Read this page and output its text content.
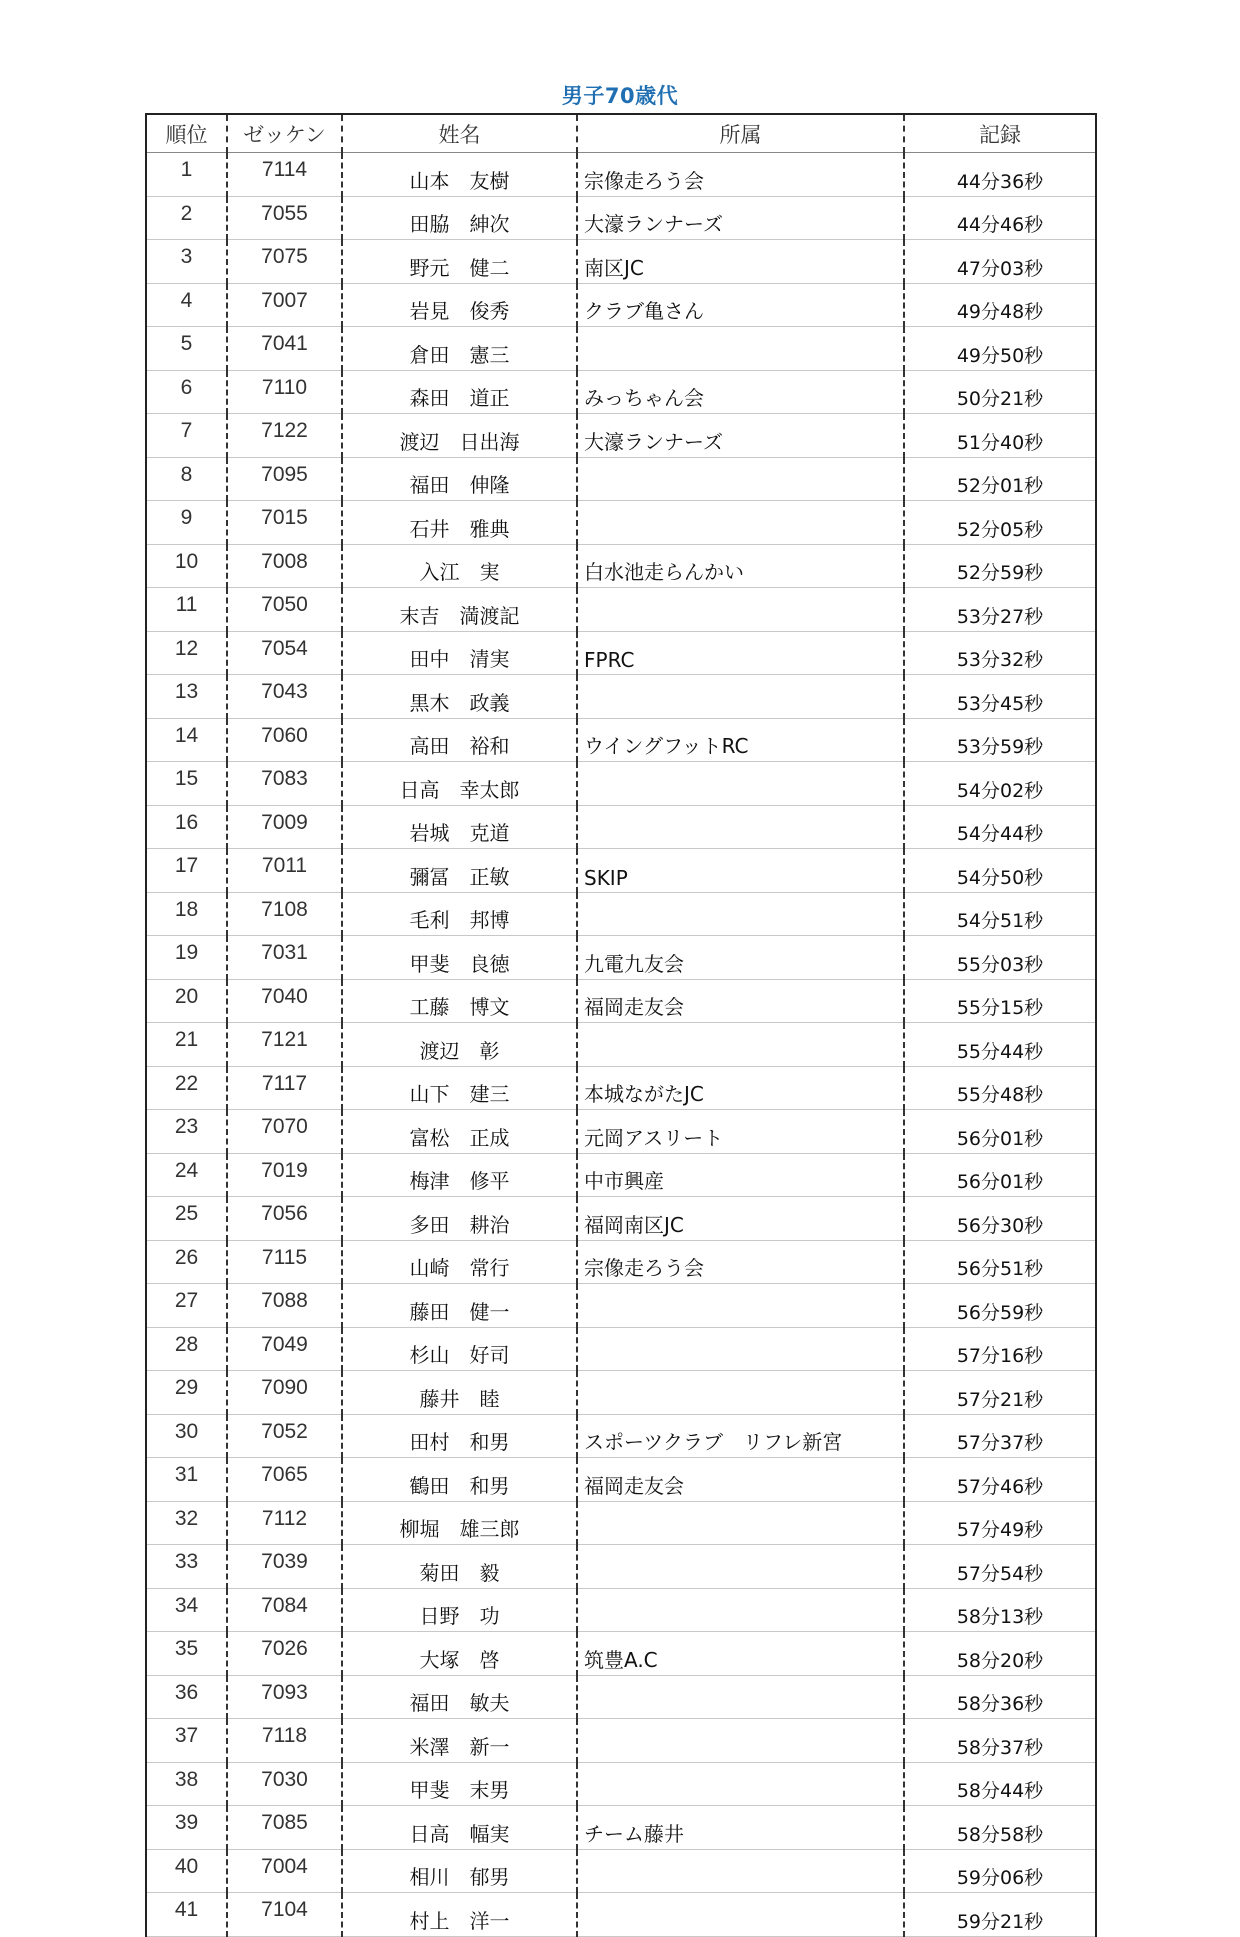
男子70歳代
順位	ゼッケン	姓名	所属	記録
1	7114	山本　友樹	宗像走ろう会	44分36秒
2	7055	田脇　紳次	大濠ランナーズ	44分46秒
3	7075	野元　健二	南区JC	47分03秒
4	7007	岩見　俊秀	クラブ亀さん	49分48秒
5	7041	倉田　憲三		49分50秒
6	7110	森田　道正	みっちゃん会	50分21秒
7	7122	渡辺　日出海	大濠ランナーズ	51分40秒
8	7095	福田　伸隆		52分01秒
9	7015	石井　雅典		52分05秒
10	7008	入江　実	白水池走らんかい	52分59秒
11	7050	末吉　満渡記		53分27秒
12	7054	田中　清実	FPRC	53分32秒
13	7043	黒木　政義		53分45秒
14	7060	高田　裕和	ウイングフットRC	53分59秒
15	7083	日高　幸太郎		54分02秒
16	7009	岩城　克道		54分44秒
17	7011	彌冨　正敏	SKIP	54分50秒
18	7108	毛利　邦博		54分51秒
19	7031	甲斐　良徳	九電九友会	55分03秒
20	7040	工藤　博文	福岡走友会	55分15秒
21	7121	渡辺　彰		55分44秒
22	7117	山下　建三	本城ながたJC	55分48秒
23	7070	富松　正成	元岡アスリート	56分01秒
24	7019	梅津　修平	中市興産	56分01秒
25	7056	多田　耕治	福岡南区JC	56分30秒
26	7115	山崎　常行	宗像走ろう会	56分51秒
27	7088	藤田　健一		56分59秒
28	7049	杉山　好司		57分16秒
29	7090	藤井　睦		57分21秒
30	7052	田村　和男	スポーツクラブ　リフレ新宮	57分37秒
31	7065	鶴田　和男	福岡走友会	57分46秒
32	7112	柳堀　雄三郎		57分49秒
33	7039	菊田　毅		57分54秒
34	7084	日野　功		58分13秒
35	7026	大塚　啓	筑豊A.C	58分20秒
36	7093	福田　敏夫		58分36秒
37	7118	米澤　新一		58分37秒
38	7030	甲斐　末男		58分44秒
39	7085	日高　幅実	チーム藤井	58分58秒
40	7004	相川　郁男		59分06秒
41	7104	村上　洋一		59分21秒
